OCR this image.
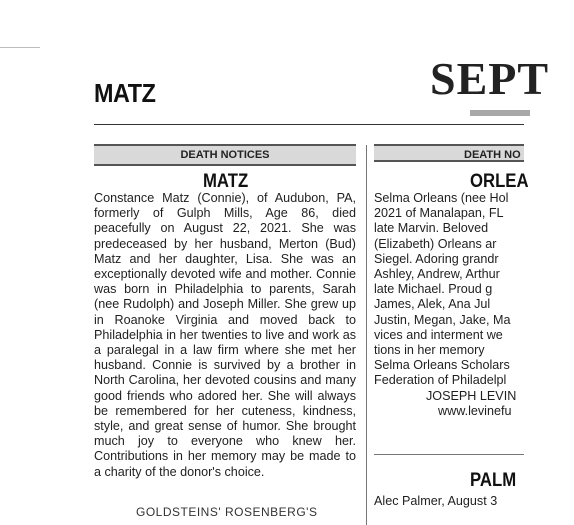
MATZ	SEPT
DEATH NOTICES
MATZ
Constance Matz (Connie), of Audubon, PA, formerly of Gulph Mills, Age 86, died peacefully on August 22, 2021. She was predeceased by her husband, Merton (Bud) Matz and her daughter, Lisa. She was an exceptionally devoted wife and mother. Connie was born in Philadelphia to parents, Sarah (nee Rudolph) and Joseph Miller. She grew up in Roanoke Virginia and moved back to Philadelphia in her twenties to live and work as a paralegal in a law firm where she met her husband. Connie is survived by a brother in North Carolina, her devoted cousins and many good friends who adored her. She will always be remembered for her cuteness, kindness, style, and great sense of humor. She brought much joy to everyone who knew her. Contributions in her memory may be made to a charity of the donor's choice.
GOLDSTEINS' ROSENBERG'S
DEATH NO
ORLEA
Selma Orleans (nee Hol
2021 of Manalapan, FL
late Marvin. Beloved
(Elizabeth) Orleans ar
Siegel. Adoring grandr
Ashley, Andrew, Arthur
late Michael. Proud g
James, Alek, Ana Jul
Justin, Megan, Jake, Ma
vices and interment we
tions in her memory
Selma Orleans Scholars
Federation of Philadelpl
JOSEPH LEVIN
www.levinefu
PALM
Alec Palmer, August 3
